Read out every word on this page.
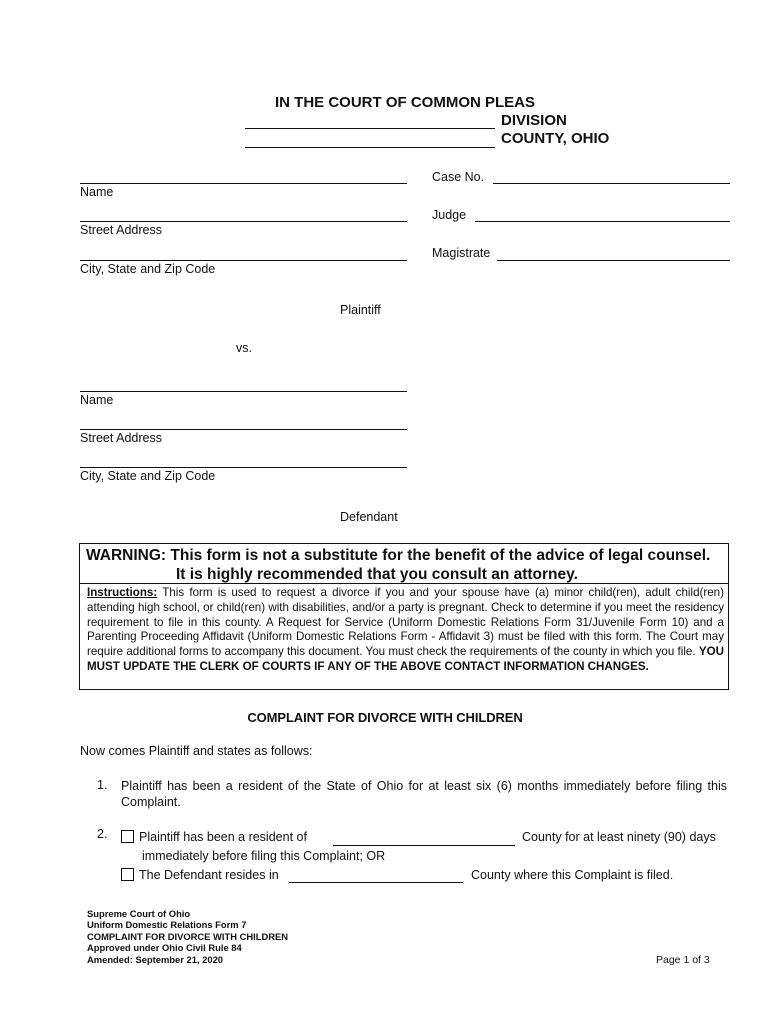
IN THE COURT OF COMMON PLEAS
DIVISION
COUNTY, OHIO
Name
Street Address
City, State and Zip Code
Plaintiff
Case No.
Judge
Magistrate
vs.
Name
Street Address
City, State and Zip Code
Defendant
WARNING: This form is not a substitute for the benefit of the advice of legal counsel.
It is highly recommended that you consult an attorney.
Instructions: This form is used to request a divorce if you and your spouse have (a) minor child(ren), adult child(ren) attending high school, or child(ren) with disabilities, and/or a party is pregnant. Check to determine if you meet the residency requirement to file in this county. A Request for Service (Uniform Domestic Relations Form 31/Juvenile Form 10) and a Parenting Proceeding Affidavit (Uniform Domestic Relations Form - Affidavit 3) must be filed with this form. The Court may require additional forms to accompany this document. You must check the requirements of the county in which you file. YOU MUST UPDATE THE CLERK OF COURTS IF ANY OF THE ABOVE CONTACT INFORMATION CHANGES.
COMPLAINT FOR DIVORCE WITH CHILDREN
Now comes Plaintiff and states as follows:
1. Plaintiff has been a resident of the State of Ohio for at least six (6) months immediately before filing this Complaint.
2.	Plaintiff has been a resident of	County for at least ninety (90) days
immediately before filing this Complaint; OR
The Defendant resides in	County where this Complaint is filed.
Supreme Court of Ohio
Uniform Domestic Relations Form 7
COMPLAINT FOR DIVORCE WITH CHILDREN
Approved under Ohio Civil Rule 84
Amended: September 21, 2020	Page 1 of 3
